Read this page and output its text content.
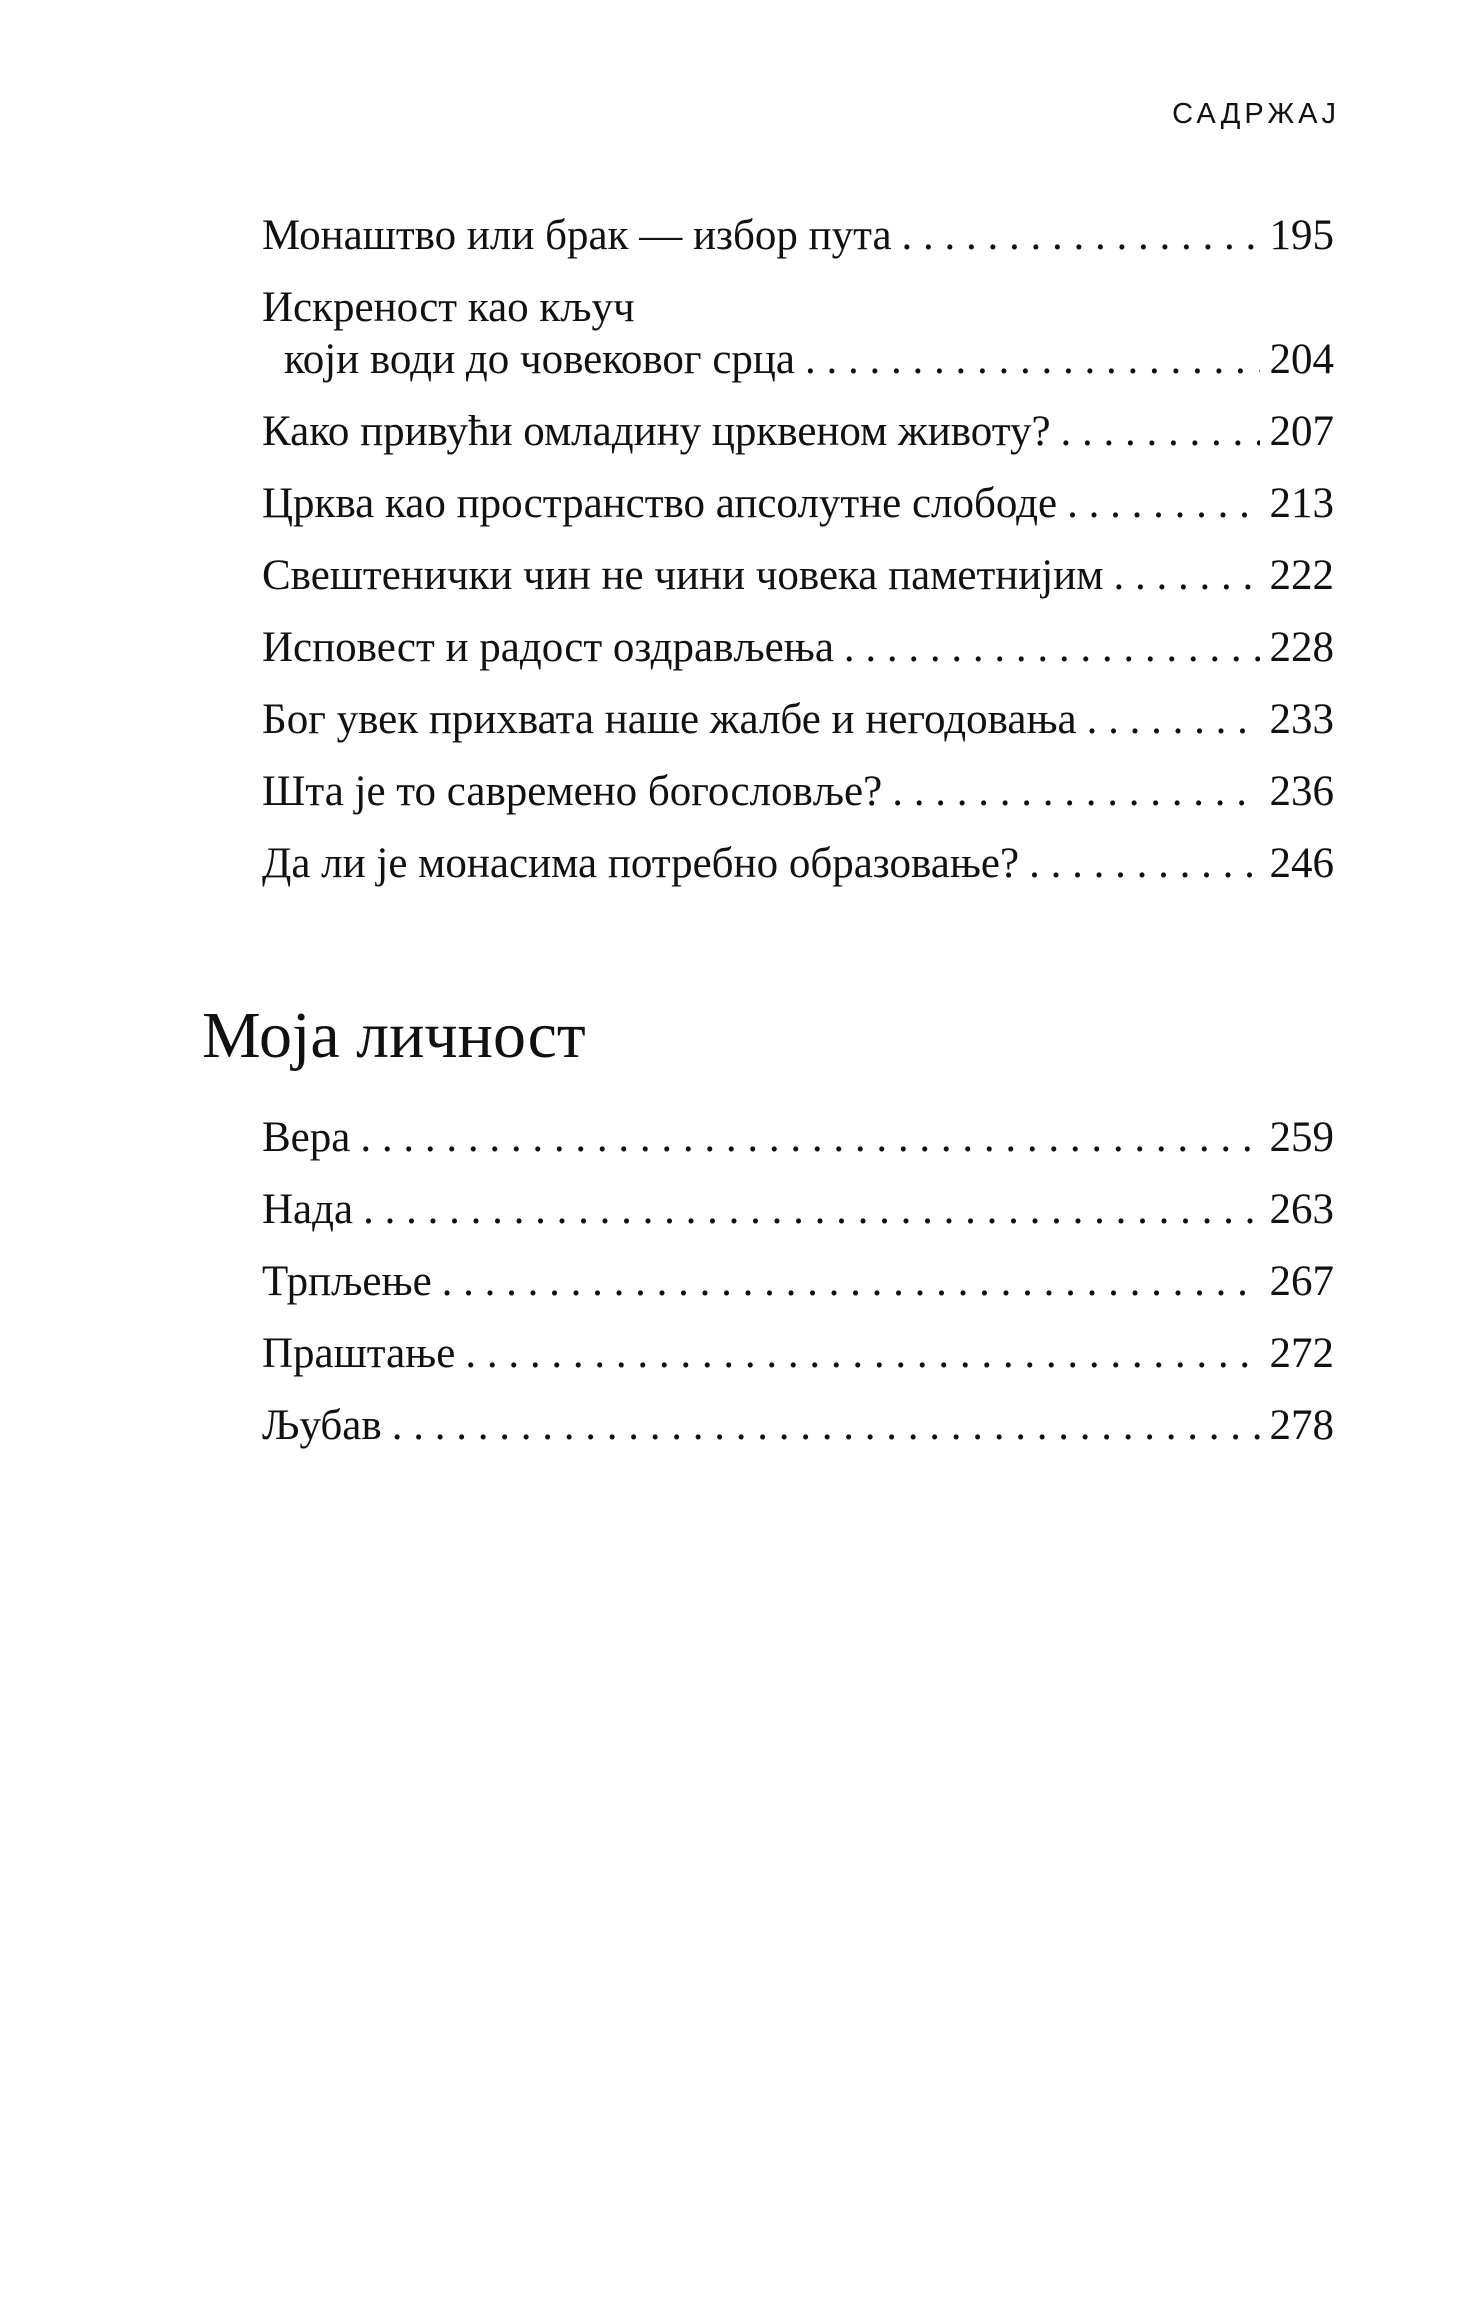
САДРЖАЈ
Монаштво или брак — избор пута . . .	195
Искреност као кључ
који води до човековог срца . . .	204
Како привући омладину црквеном животу? . . .	207
Црква као пространство апсолутне слободе . . .	213
Свештенички чин не чини човека паметнијим . . .	222
Исповест и радост оздрављења . . .	228
Бог увек прихвата наше жалбе и негодовања . . .	233
Шта је то савремено богословље? . . .	236
Да ли је монасима потребно образовање? . . .	246
Моја личност
Вера . . .	259
Нада . . .	263
Трпљење . . .	267
Праштање . . .	272
Љубав . . .	278
